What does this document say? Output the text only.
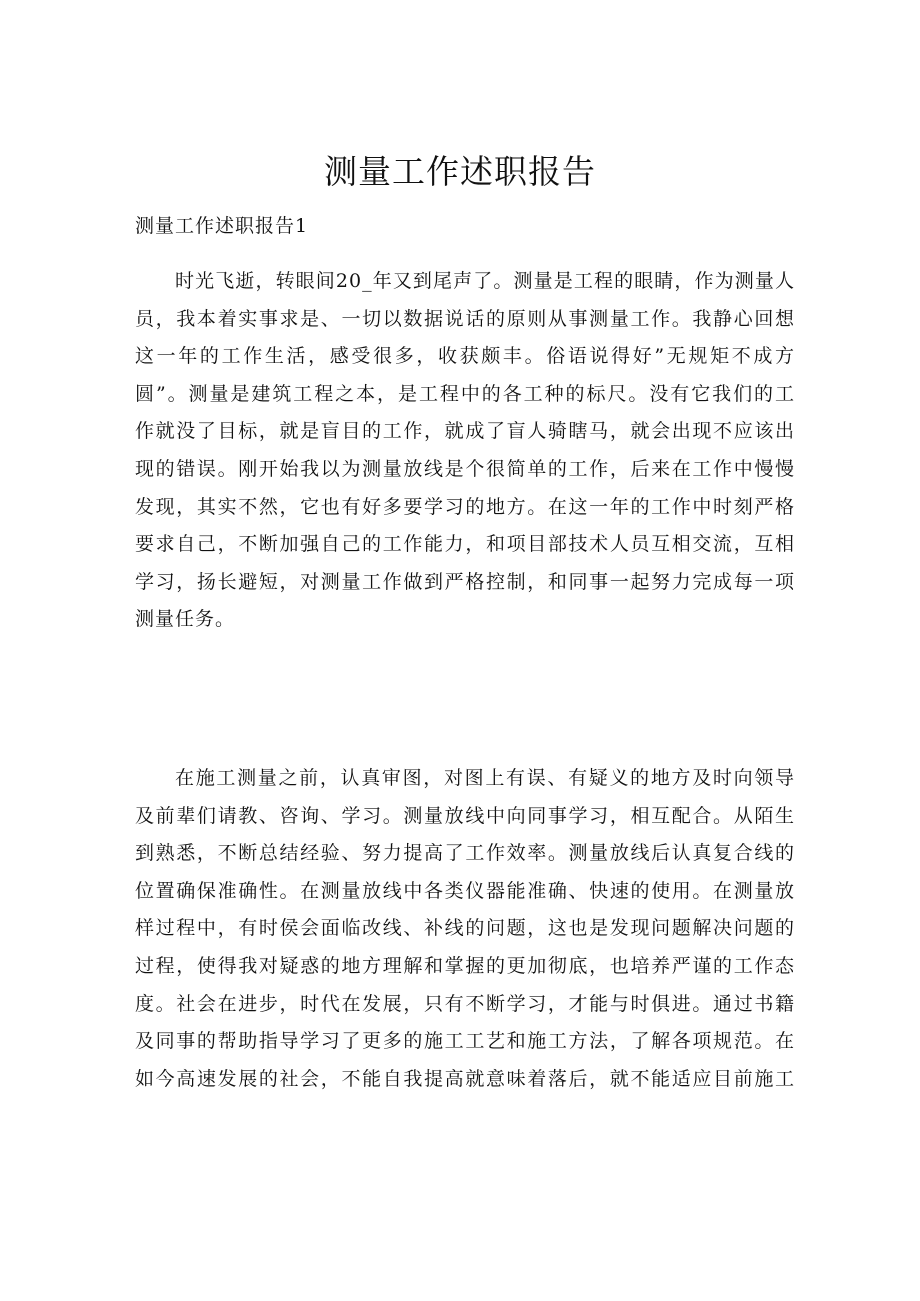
测量工作述职报告
测量工作述职报告1
时光飞逝，转眼间20_年又到尾声了。测量是工程的眼睛，作为测量人
员，我本着实事求是、一切以数据说话的原则从事测量工作。我静心回想
这一年的工作生活，感受很多，收获颇丰。俗语说得好”无规矩不成方
圆”。测量是建筑工程之本，是工程中的各工种的标尺。没有它我们的工
作就没了目标，就是盲目的工作，就成了盲人骑瞎马，就会出现不应该出
现的错误。刚开始我以为测量放线是个很简单的工作，后来在工作中慢慢
发现，其实不然，它也有好多要学习的地方。在这一年的工作中时刻严格
要求自己，不断加强自己的工作能力，和项目部技术人员互相交流，互相
学习，扬长避短，对测量工作做到严格控制，和同事一起努力完成每一项
测量任务。
在施工测量之前，认真审图，对图上有误、有疑义的地方及时向领导
及前辈们请教、咨询、学习。测量放线中向同事学习，相互配合。从陌生
到熟悉，不断总结经验、努力提高了工作效率。测量放线后认真复合线的
位置确保准确性。在测量放线中各类仪器能准确、快速的使用。在测量放
样过程中，有时侯会面临改线、补线的问题，这也是发现问题解决问题的
过程，使得我对疑惑的地方理解和掌握的更加彻底，也培养严谨的工作态
度。社会在进步，时代在发展，只有不断学习，才能与时俱进。通过书籍
及同事的帮助指导学习了更多的施工工艺和施工方法，了解各项规范。在
如今高速发展的社会，不能自我提高就意味着落后，就不能适应目前施工
